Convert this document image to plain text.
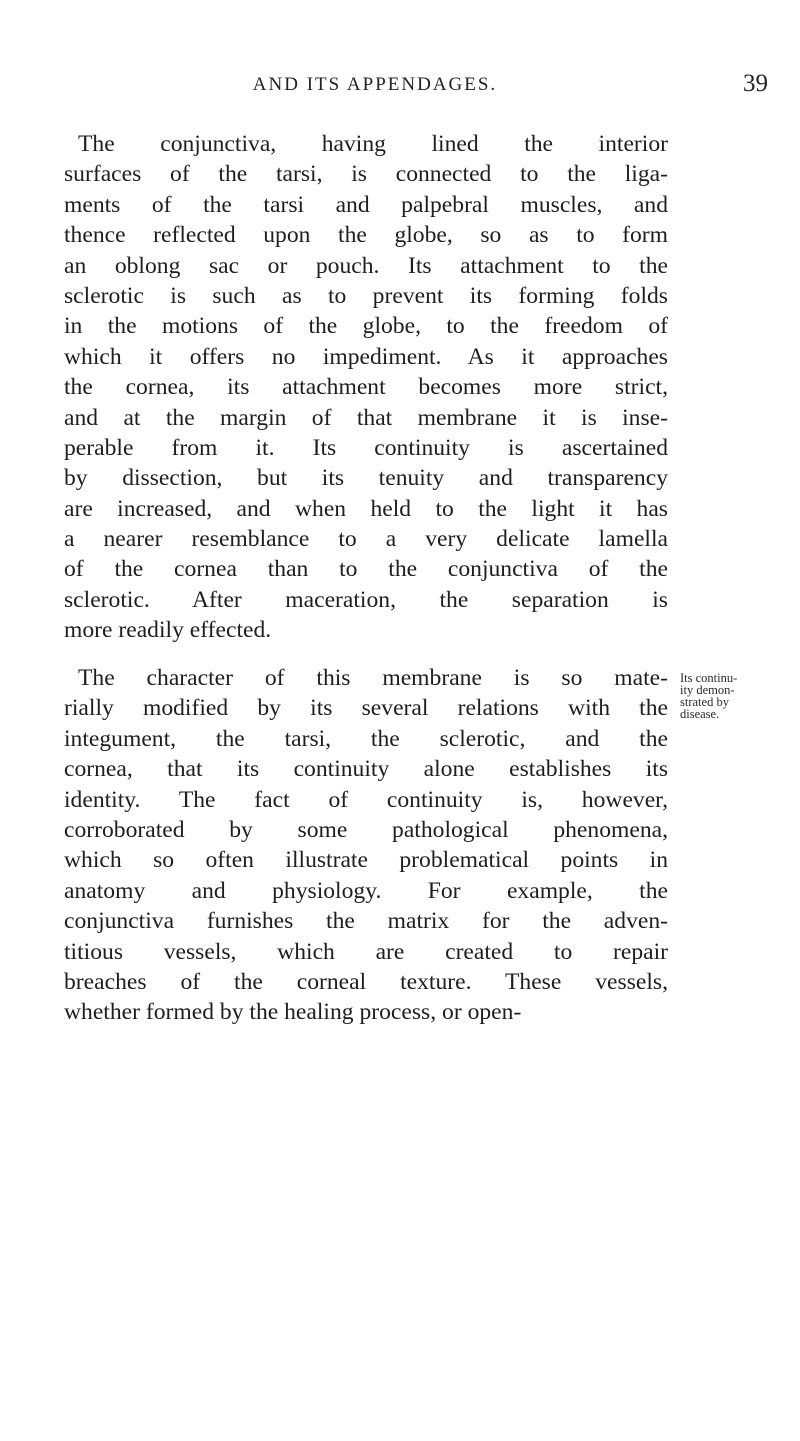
AND ITS APPENDAGES.	39
The conjunctiva, having lined the interior
surfaces of the tarsi, is connected to the liga-
ments of the tarsi and palpebral muscles, and
thence reflected upon the globe, so as to form
an oblong sac or pouch. Its attachment to the
sclerotic is such as to prevent its forming folds
in the motions of the globe, to the freedom of
which it offers no impediment. As it approaches
the cornea, its attachment becomes more strict,
and at the margin of that membrane it is inse-
perable from it. Its continuity is ascertained
by dissection, but its tenuity and transparency
are increased, and when held to the light it has
a nearer resemblance to a very delicate lamella
of the cornea than to the conjunctiva of the
sclerotic. After maceration, the separation is
more readily effected.
The character of this membrane is so mate-
rially modified by its several relations with the
integument, the tarsi, the sclerotic, and the
cornea, that its continuity alone establishes its
identity. The fact of continuity is, however,
corroborated by some pathological phenomena,
which so often illustrate problematical points in
anatomy and physiology. For example, the
conjunctiva furnishes the matrix for the adven-
titious vessels, which are created to repair
breaches of the corneal texture. These vessels,
whether formed by the healing process, or open-
Its continu-
ity demon-
strated by
disease.
